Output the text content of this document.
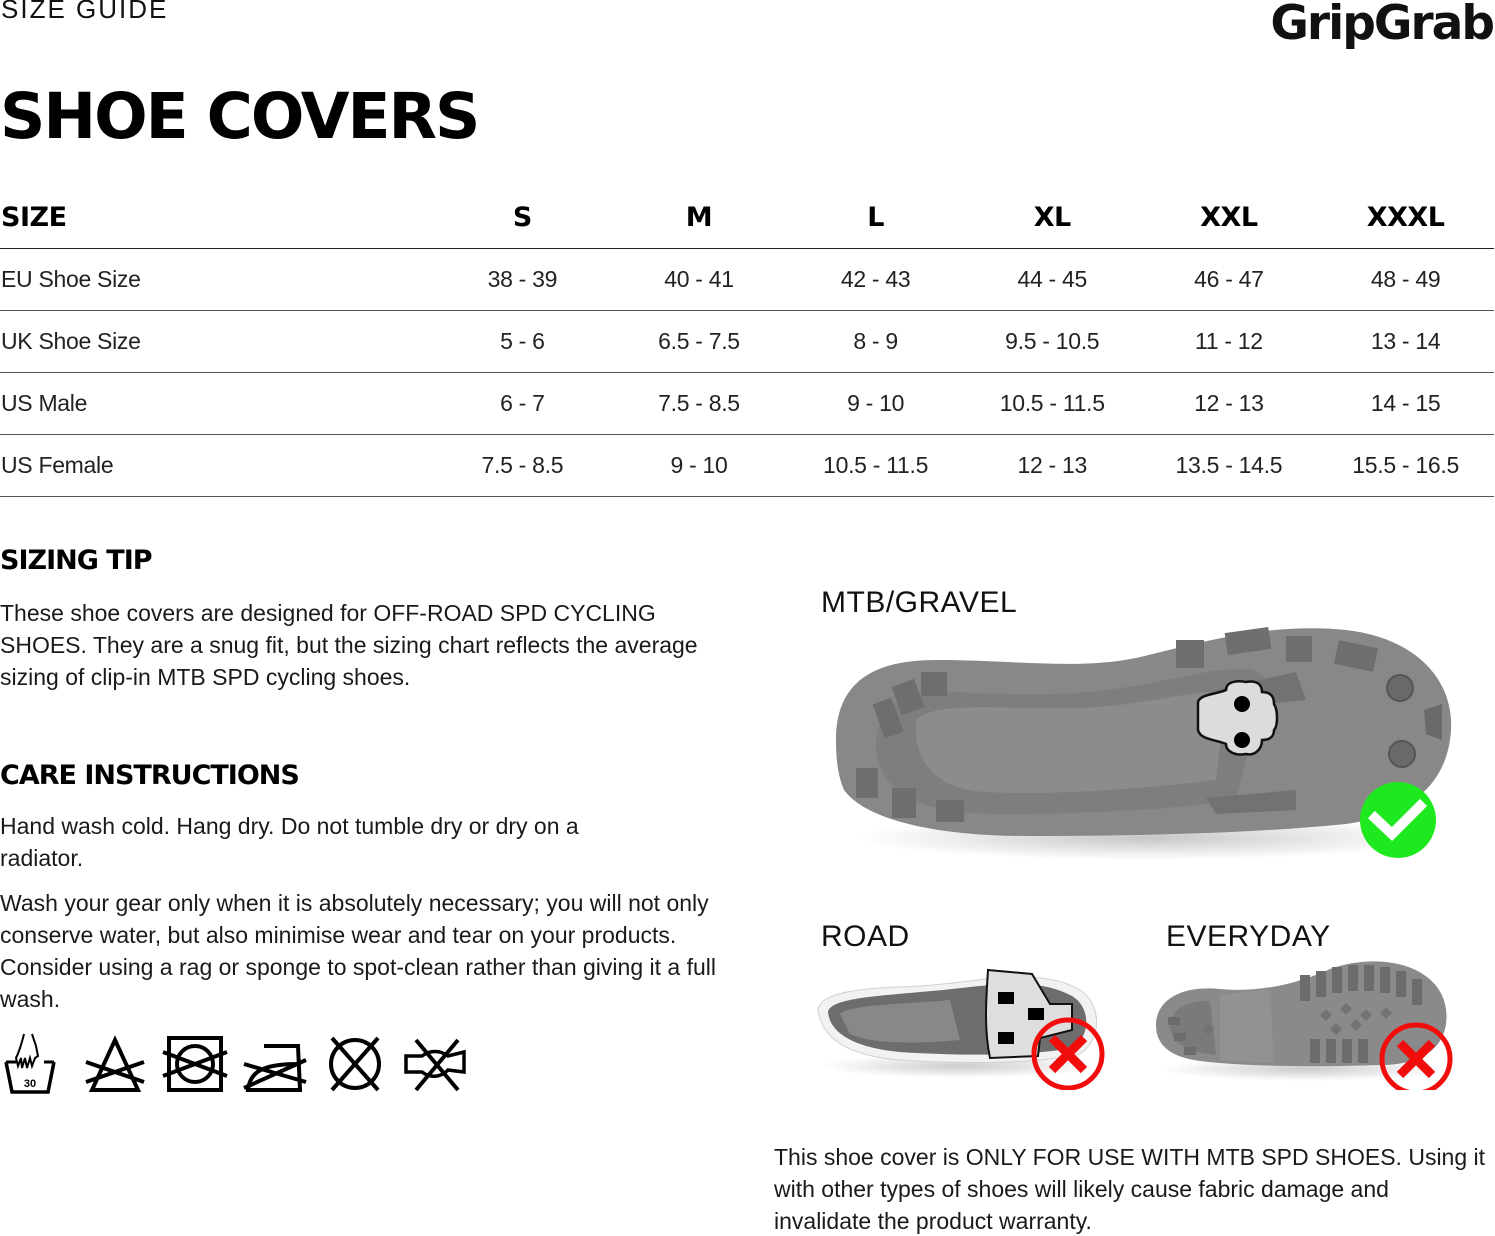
SIZE GUIDE	GripGrab
SHOE COVERS
SIZE	S	M	L	XL	XXL	XXXL
EU Shoe Size	38 - 39	40 - 41	42 - 43	44 - 45	46 - 47	48 - 49
UK Shoe Size	5 - 6	6.5 - 7.5	8 - 9	9.5 - 10.5	11 - 12	13 - 14
US Male	6 - 7	7.5 - 8.5	9 - 10	10.5 - 11.5	12 - 13	14 - 15
US Female	7.5 - 8.5	9 - 10	10.5 - 11.5	12 - 13	13.5 - 14.5	15.5 - 16.5
SIZING TIP

These shoe covers are designed for OFF-ROAD SPD CYCLING SHOES. They are a snug fit, but the sizing chart reflects the average sizing of clip-in MTB SPD cycling shoes.

CARE INSTRUCTIONS

Hand wash cold. Hang dry. Do not tumble dry or dry on a radiator.

Wash your gear only when it is absolutely necessary; you will not only conserve water, but also minimise wear and tear on your products. Consider using a rag or sponge to spot-clean rather than giving it a full wash.

30
MTB/GRAVEL
ROAD	EVERYDAY

This shoe cover is ONLY FOR USE WITH MTB SPD SHOES. Using it with other types of shoes will likely cause fabric damage and invalidate the product warranty.
